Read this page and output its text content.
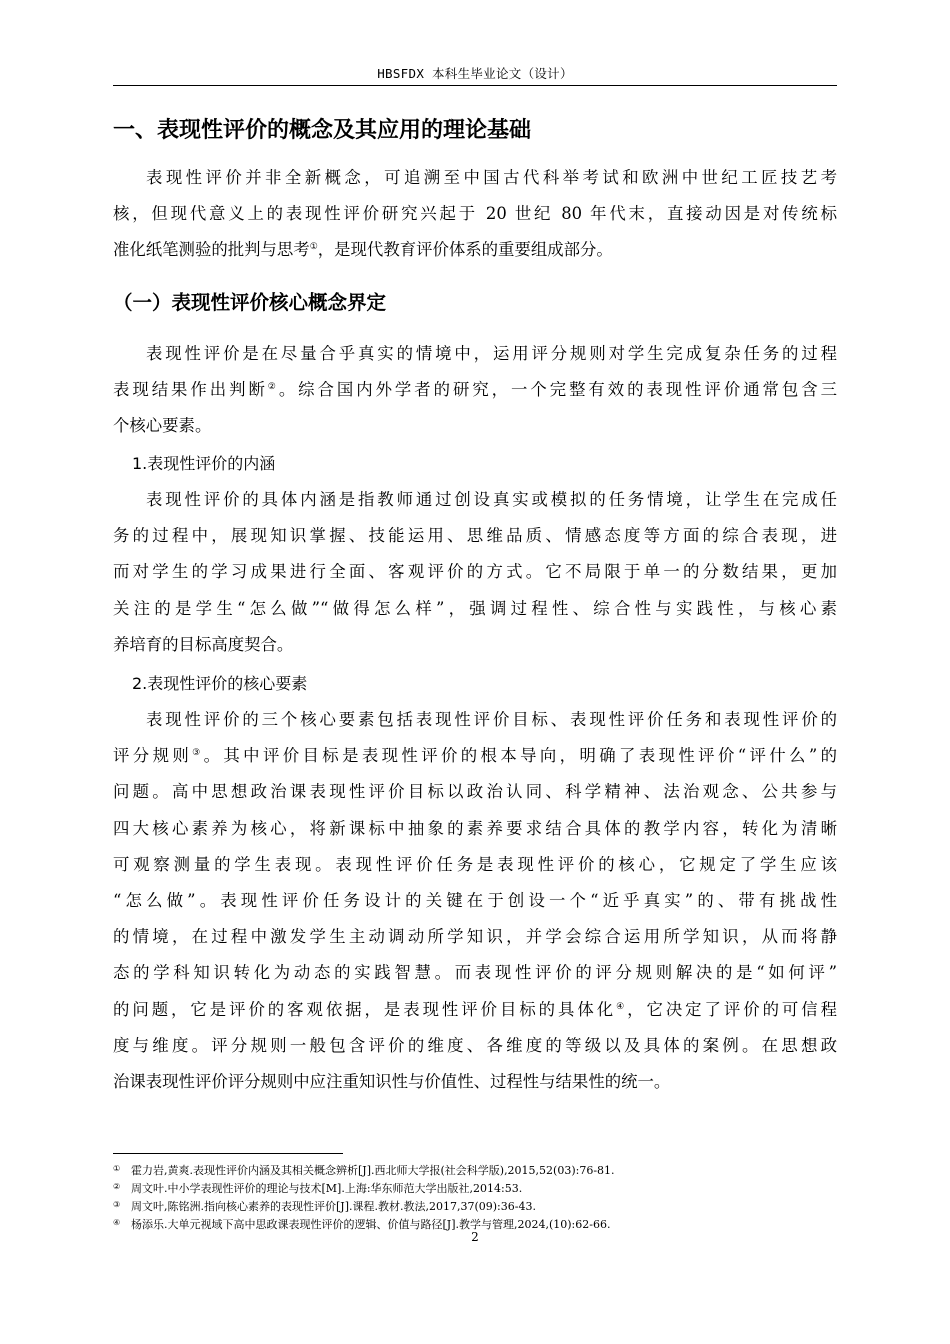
HBSFDX 本科生毕业论文（设计）
一、表现性评价的概念及其应用的理论基础
表现性评价并非全新概念，可追溯至中国古代科举考试和欧洲中世纪工匠技艺考
核，但现代意义上的表现性评价研究兴起于 20 世纪 80 年代末，直接动因是对传统标
准化纸笔测验的批判与思考①，是现代教育评价体系的重要组成部分。
（一）表现性评价核心概念界定
表现性评价是在尽量合乎真实的情境中，运用评分规则对学生完成复杂任务的过程
表现结果作出判断②。综合国内外学者的研究，一个完整有效的表现性评价通常包含三
个核心要素。
1.表现性评价的内涵
表现性评价的具体内涵是指教师通过创设真实或模拟的任务情境，让学生在完成任
务的过程中，展现知识掌握、技能运用、思维品质、情感态度等方面的综合表现，进
而对学生的学习成果进行全面、客观评价的方式。它不局限于单一的分数结果，更加
关注的是学生“怎么做”“做得怎么样”，强调过程性、综合性与实践性，与核心素
养培育的目标高度契合。
2.表现性评价的核心要素
表现性评价的三个核心要素包括表现性评价目标、表现性评价任务和表现性评价的
评分规则③。其中评价目标是表现性评价的根本导向，明确了表现性评价“评什么”的
问题。高中思想政治课表现性评价目标以政治认同、科学精神、法治观念、公共参与
四大核心素养为核心，将新课标中抽象的素养要求结合具体的教学内容，转化为清晰
可观察测量的学生表现。表现性评价任务是表现性评价的核心，它规定了学生应该
“怎么做”。表现性评价任务设计的关键在于创设一个“近乎真实”的、带有挑战性
的情境，在过程中激发学生主动调动所学知识，并学会综合运用所学知识，从而将静
态的学科知识转化为动态的实践智慧。而表现性评价的评分规则解决的是“如何评”
的问题，它是评价的客观依据，是表现性评价目标的具体化④，它决定了评价的可信程
度与维度。评分规则一般包含评价的维度、各维度的等级以及具体的案例。在思想政
治课表现性评价评分规则中应注重知识性与价值性、过程性与结果性的统一。
① 霍力岩,黄爽.表现性评价内涵及其相关概念辨析[J].西北师大学报(社会科学版),2015,52(03):76-81.
② 周文叶.中小学表现性评价的理论与技术[M].上海:华东师范大学出版社,2014:53.
③ 周文叶,陈铭洲.指向核心素养的表现性评价[J].课程.教材.教法,2017,37(09):36-43.
④ 杨添乐.大单元视域下高中思政课表现性评价的逻辑、价值与路径[J].教学与管理,2024,(10):62-66.
2
